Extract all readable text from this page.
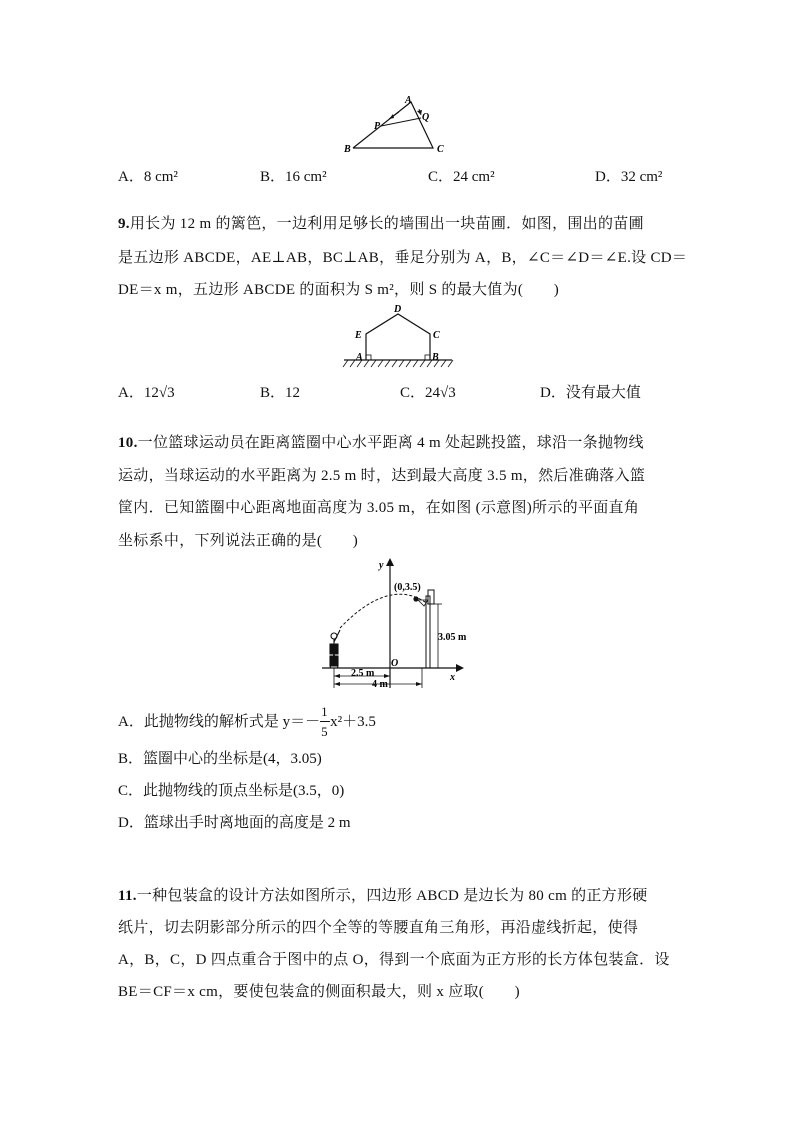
A
B	C
P
Q
A．8 cm²	B．16 cm²	C．24 cm²	D．32 cm²
9.用长为 12 m 的篱笆，一边利用足够长的墙围出一块苗圃．如图，围出的苗圃
是五边形 ABCDE，AE⊥AB，BC⊥AB，垂足分别为 A，B，∠C＝∠D＝∠E.设 CD＝
DE＝x m，五边形 ABCDE 的面积为 S m²，则 S 的最大值为(　　)
D
E	C
A	B
A．12√3	B．12	C．24√3	D．没有最大值
10.一位篮球运动员在距离篮圈中心水平距离 4 m 处起跳投篮，球沿一条抛物线
运动，当球运动的水平距离为 2.5 m 时，达到最大高度 3.5 m，然后准确落入篮
筐内．已知篮圈中心距离地面高度为 3.05 m，在如图 (示意图)所示的平面直角
坐标系中，下列说法正确的是(　　)
y
x
O
(0,3.5)
3.05 m
2.5 m
4 m
A．此抛物线的解析式是 $y=- \frac{1}{5} x^2+3.5$
B．篮圈中心的坐标是(4，3.05)
C．此抛物线的顶点坐标是(3.5，0)
D．篮球出手时离地面的高度是 2 m
11.一种包装盒的设计方法如图所示，四边形 ABCD 是边长为 80 cm 的正方形硬
纸片，切去阴影部分所示的四个全等的等腰直角三角形，再沿虚线折起，使得
A，B，C，D 四点重合于图中的点 O，得到一个底面为正方形的长方体包装盒．设
BE＝CF＝x cm，要使包装盒的侧面积最大，则 x 应取(　　)
